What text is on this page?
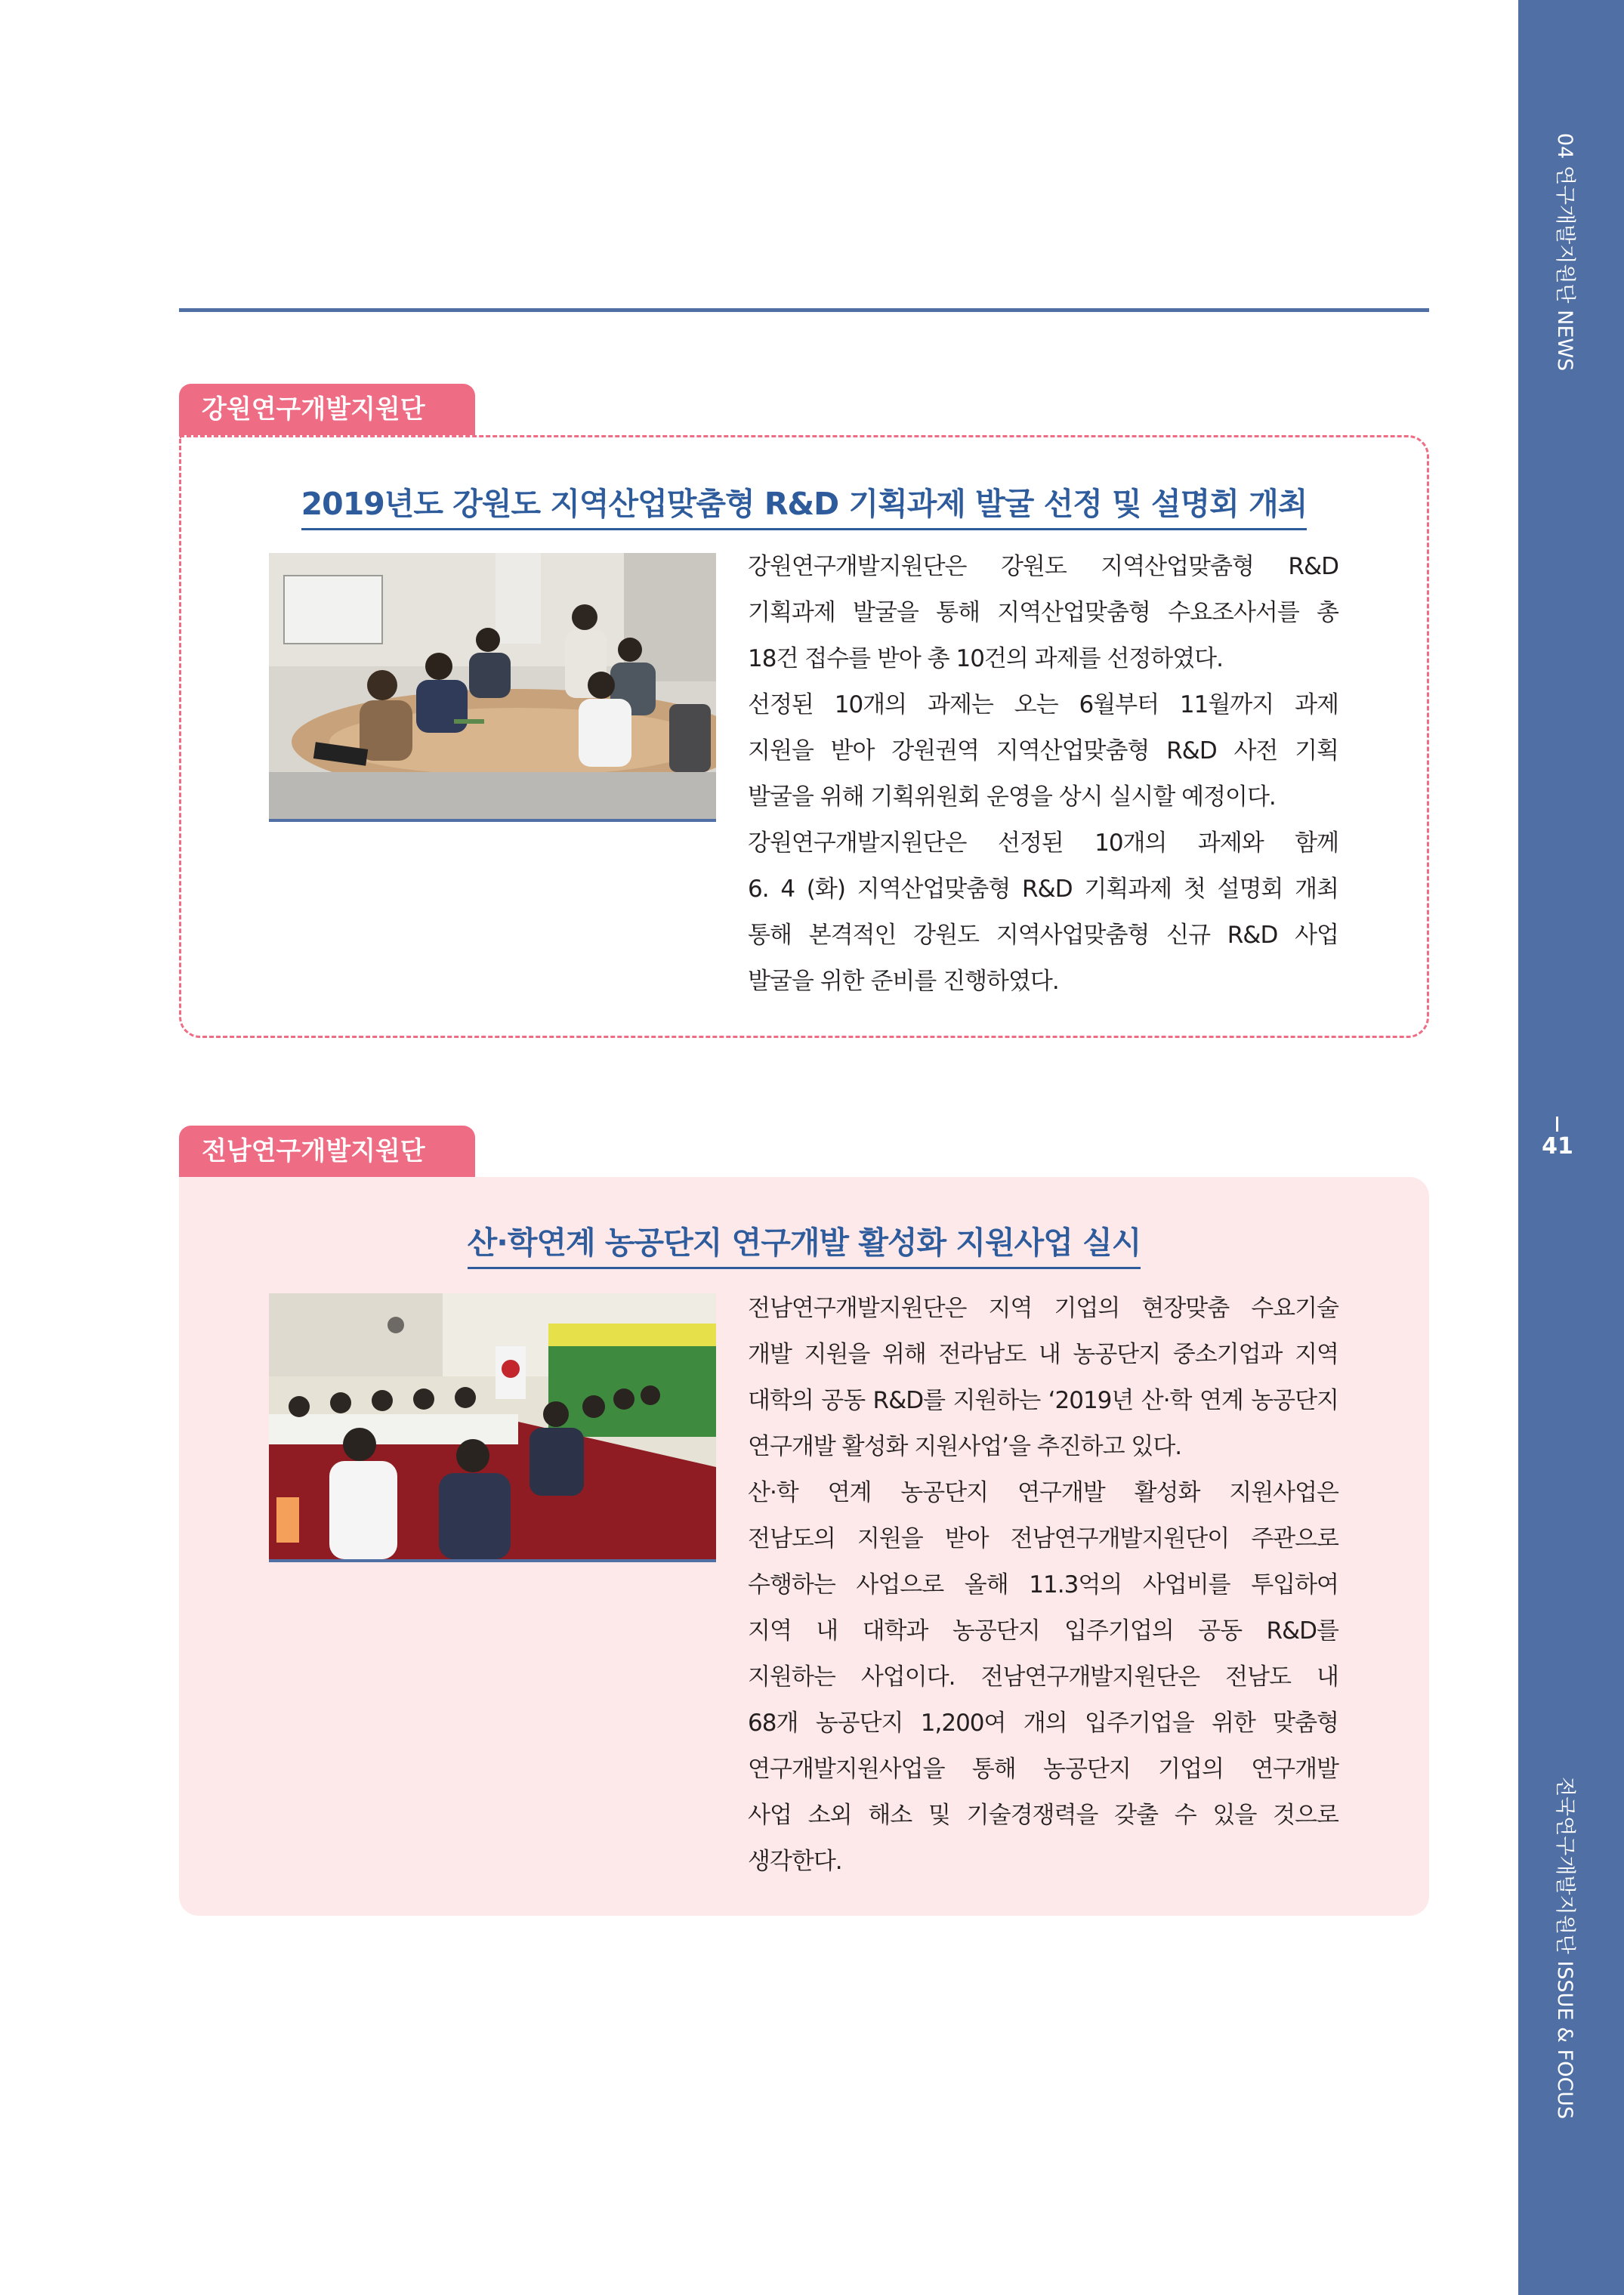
04 연구개발지원단 NEWS
41
전국연구개발지원단 ISSUE & FOCUS
강원연구개발지원단
2019년도 강원도 지역산업맞춤형 R&D 기획과제 발굴 선정 및 설명회 개최
강원연구개발지원단은 강원도 지역산업맞춤형 R&D
기획과제 발굴을 통해 지역산업맞춤형 수요조사서를 총
18건 접수를 받아 총 10건의 과제를 선정하였다.
선정된 10개의 과제는 오는 6월부터 11월까지 과제
지원을 받아 강원권역 지역산업맞춤형 R&D 사전 기획
발굴을 위해 기획위원회 운영을 상시 실시할 예정이다.
강원연구개발지원단은 선정된 10개의 과제와 함께
6. 4 (화) 지역산업맞춤형 R&D 기획과제 첫 설명회 개최
통해 본격적인 강원도 지역사업맞춤형 신규 R&D 사업
발굴을 위한 준비를 진행하였다.
전남연구개발지원단
산·학연계 농공단지 연구개발 활성화 지원사업 실시
전남연구개발지원단은 지역 기업의 현장맞춤 수요기술
개발 지원을 위해 전라남도 내 농공단지 중소기업과 지역
대학의 공동 R&D를 지원하는 ‘2019년 산·학 연계 농공단지
연구개발 활성화 지원사업’을 추진하고 있다.
산·학 연계 농공단지 연구개발 활성화 지원사업은
전남도의 지원을 받아 전남연구개발지원단이 주관으로
수행하는 사업으로 올해 11.3억의 사업비를 투입하여
지역 내 대학과 농공단지 입주기업의 공동 R&D를
지원하는 사업이다. 전남연구개발지원단은 전남도 내
68개 농공단지 1,200여 개의 입주기업을 위한 맞춤형
연구개발지원사업을 통해 농공단지 기업의 연구개발
사업 소외 해소 및 기술경쟁력을 갖출 수 있을 것으로
생각한다.
